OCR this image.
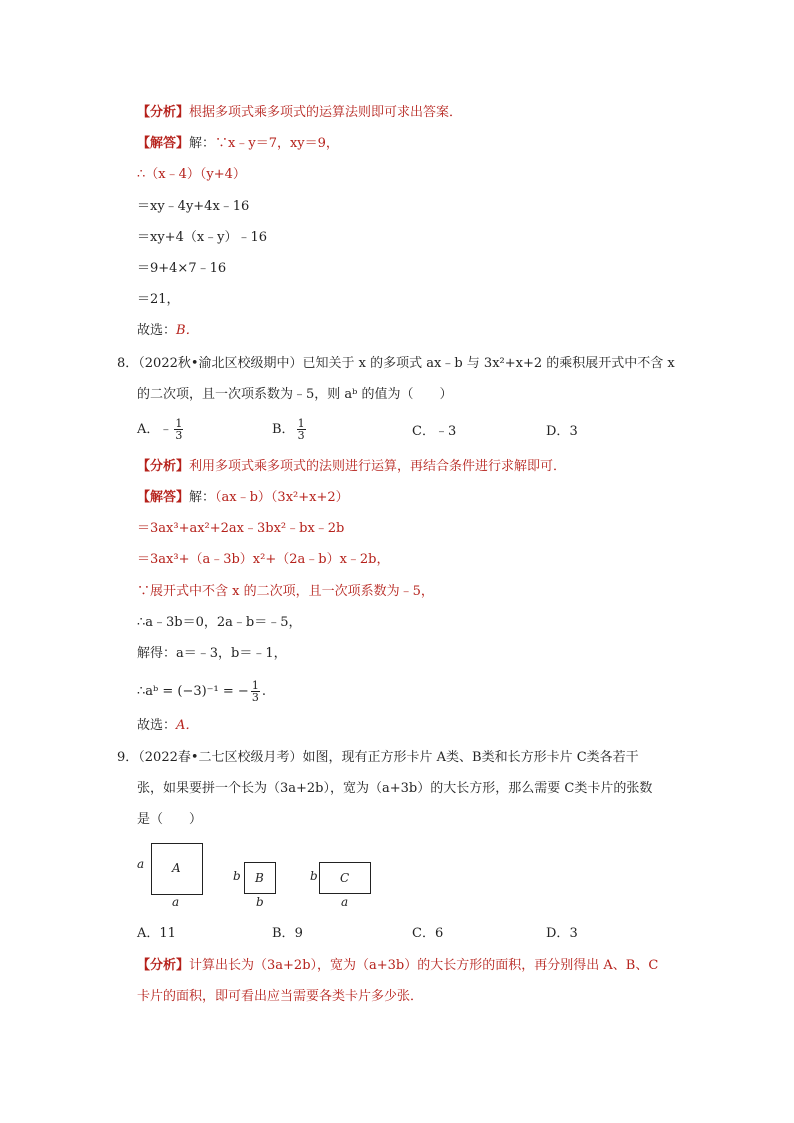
【分析】根据多项式乘多项式的运算法则即可求出答案．
【解答】解：∵x﹣y＝7，xy＝9，
∴（x﹣4）（y+4）
＝xy﹣4y+4x﹣16
＝xy+4（x﹣y）﹣16
＝9+4×7﹣16
＝21，
故选：B．
8．（2022秋•渝北区校级期中）已知关于 x 的多项式 ax﹣b 与 3x²+x+2 的乘积展开式中不含 x
的二次项，且一次项系数为﹣5，则 aᵇ 的值为（　　）
A．﹣ $\frac{1}{3}$	B． $\frac{1}{3}$	C．﹣3	D．3
【分析】利用多项式乘多项式的法则进行运算，再结合条件进行求解即可．
【解答】解：（ax﹣b）（3x²+x+2）
＝3ax³+ax²+2ax﹣3bx²﹣bx﹣2b
＝3ax³+（a﹣3b）x²+（2a﹣b）x﹣2b，
∵展开式中不含 x 的二次项，且一次项系数为﹣5，
∴a﹣3b＝0，2a﹣b＝﹣5，
解得：a＝﹣3，b＝﹣1，
∴aᵇ = (−3)⁻¹ = − $\frac{1}{3}$ .
故选：A．
9．（2022春•二七区校级月考）如图，现有正方形卡片 A类、B类和长方形卡片 C类各若干
张，如果要拼一个长为（3a+2b），宽为（a+3b）的大长方形，那么需要 C类卡片的张数
是（　　）
a A
a
b B
b
b C
a
A．11	B．9	C．6	D．3
【分析】计算出长为（3a+2b），宽为（a+3b）的大长方形的面积，再分别得出 A、B、C
卡片的面积，即可看出应当需要各类卡片多少张．
